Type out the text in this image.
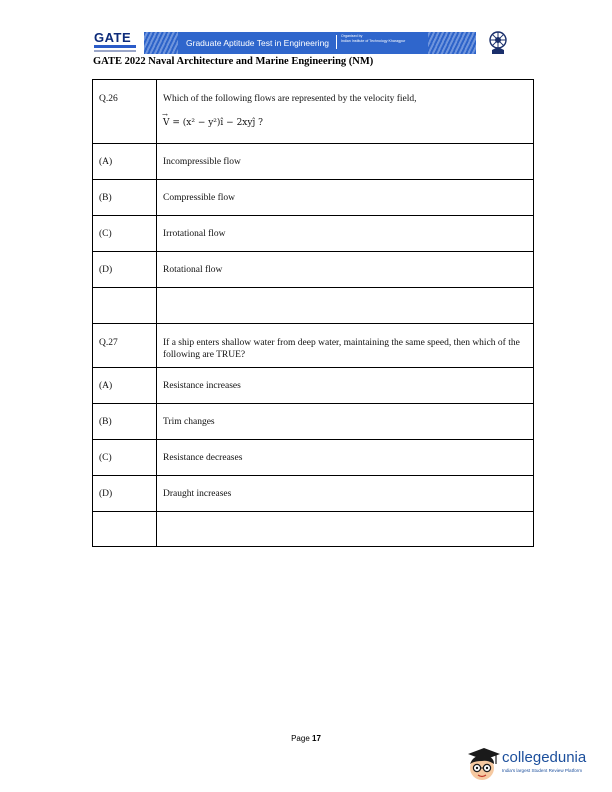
GATE	Graduate Aptitude Test in Engineering
Organised by
Indian Institute of Technology Kharagpur
GATE 2022 Naval Architecture and Marine Engineering (NM)
Q.26	Which of the following flows are represented by the velocity field,
→ V = (x² − y²)î − 2xyĵ ?

(A)	Incompressible flow
(B)	Compressible flow
(C)	Irrotational flow
(D)	Rotational flow

Q.27	If a ship enters shallow water from deep water, maintaining the same speed, then which of the following are TRUE?
(A)	Resistance increases
(B)	Trim changes
(C)	Resistance decreases
(D)	Draught increases

Page 17
collegedunia
India's largest Student Review Platform
